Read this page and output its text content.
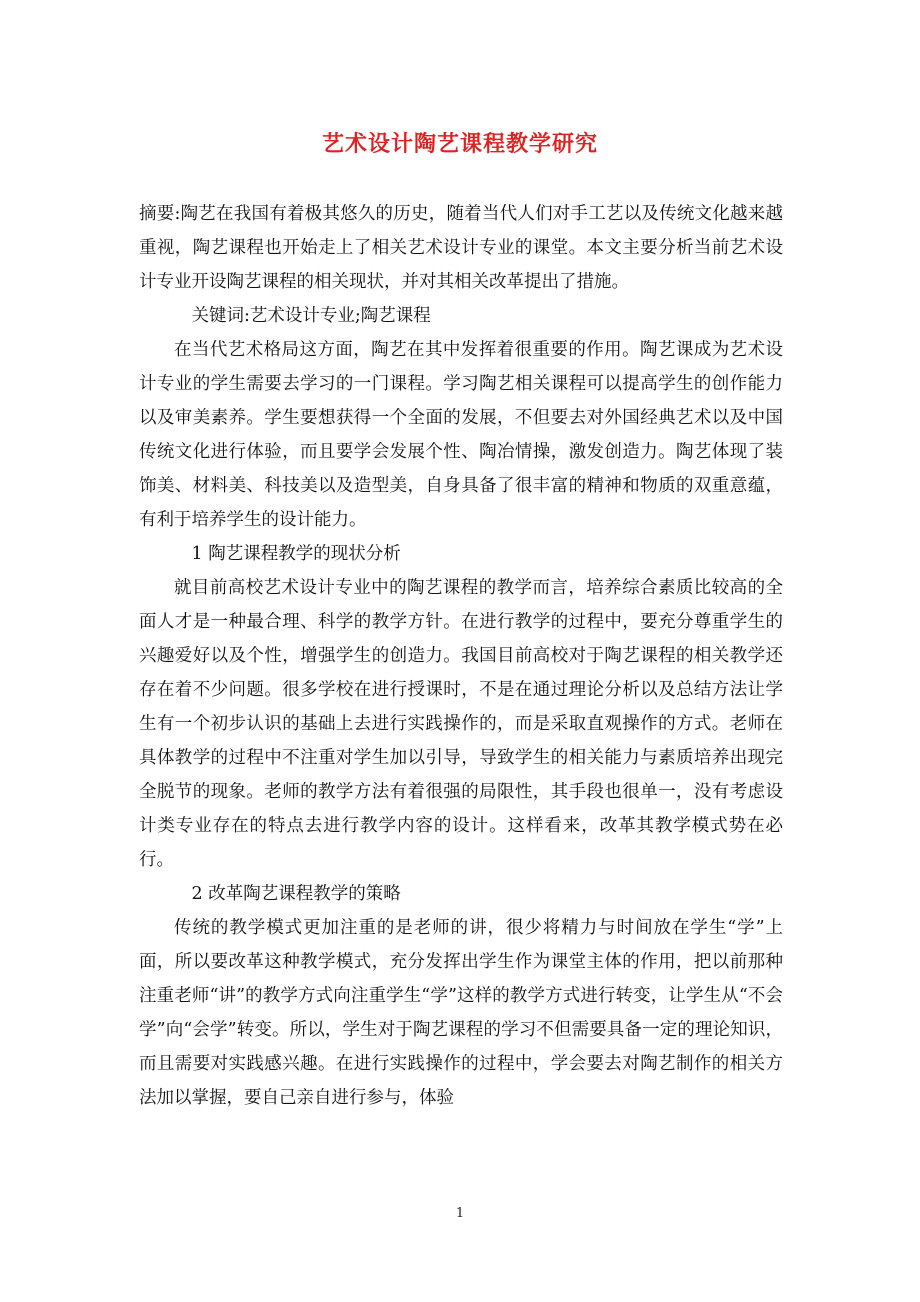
艺术设计陶艺课程教学研究

摘要:陶艺在我国有着极其悠久的历史，随着当代人们对手工艺以及传统文化越来越重视，陶艺课程也开始走上了相关艺术设计专业的课堂。本文主要分析当前艺术设计专业开设陶艺课程的相关现状，并对其相关改革提出了措施。

关键词:艺术设计专业;陶艺课程

在当代艺术格局这方面，陶艺在其中发挥着很重要的作用。陶艺课成为艺术设计专业的学生需要去学习的一门课程。学习陶艺相关课程可以提高学生的创作能力以及审美素养。学生要想获得一个全面的发展，不但要去对外国经典艺术以及中国传统文化进行体验，而且要学会发展个性、陶冶情操，激发创造力。陶艺体现了装饰美、材料美、科技美以及造型美，自身具备了很丰富的精神和物质的双重意蕴，有利于培养学生的设计能力。

1 陶艺课程教学的现状分析

就目前高校艺术设计专业中的陶艺课程的教学而言，培养综合素质比较高的全面人才是一种最合理、科学的教学方针。在进行教学的过程中，要充分尊重学生的兴趣爱好以及个性，增强学生的创造力。我国目前高校对于陶艺课程的相关教学还存在着不少问题。很多学校在进行授课时，不是在通过理论分析以及总结方法让学生有一个初步认识的基础上去进行实践操作的，而是采取直观操作的方式。老师在具体教学的过程中不注重对学生加以引导，导致学生的相关能力与素质培养出现完全脱节的现象。老师的教学方法有着很强的局限性，其手段也很单一，没有考虑设计类专业存在的特点去进行教学内容的设计。这样看来，改革其教学模式势在必行。

2 改革陶艺课程教学的策略

传统的教学模式更加注重的是老师的讲，很少将精力与时间放在学生“学”上面，所以要改革这种教学模式，充分发挥出学生作为课堂主体的作用，把以前那种注重老师“讲”的教学方式向注重学生“学”这样的教学方式进行转变，让学生从“不会学”向“会学”转变。所以，学生对于陶艺课程的学习不但需要具备一定的理论知识，而且需要对实践感兴趣。在进行实践操作的过程中，学会要去对陶艺制作的相关方法加以掌握，要自己亲自进行参与，体验

1
